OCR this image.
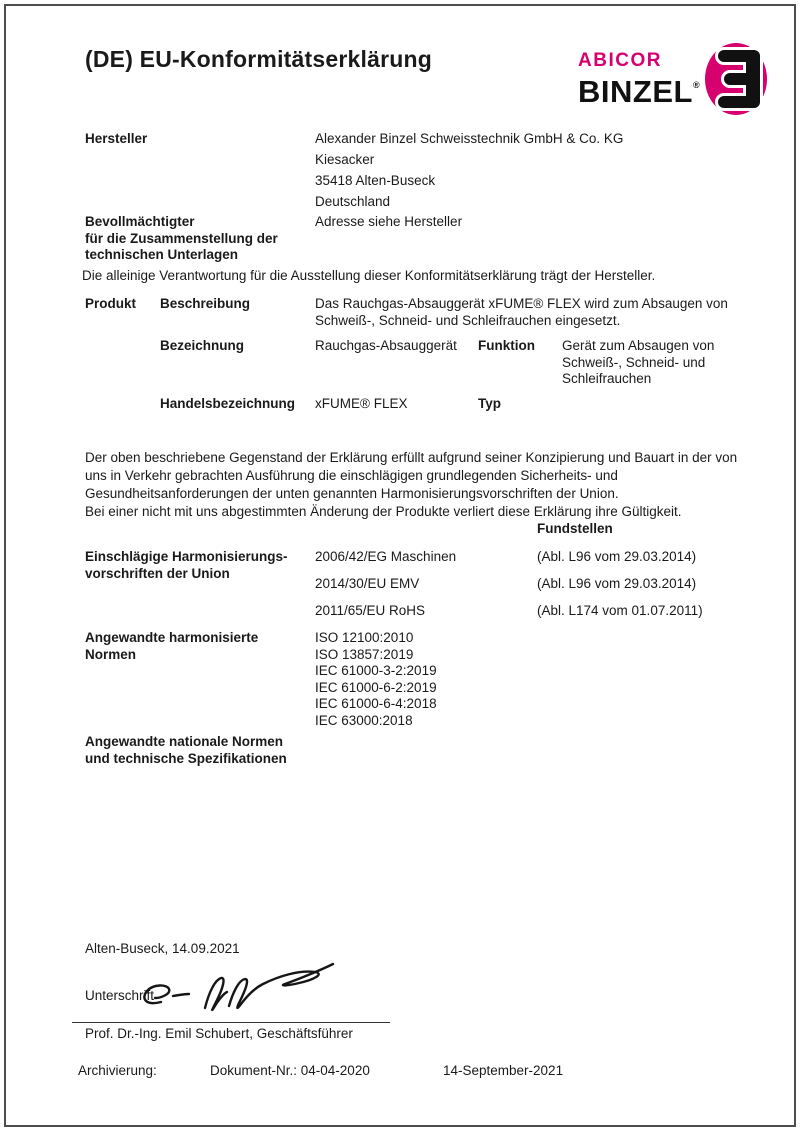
(DE) EU-Konformitätserklärung	ABICOR
BINZEL®
Hersteller	Alexander Binzel Schweisstechnik GmbH & Co. KG
Kiesacker
35418 Alten-Buseck
Deutschland
Bevollmächtigter
für die Zusammenstellung der
technischen Unterlagen
Adresse siehe Hersteller
Die alleinige Verantwortung für die Ausstellung dieser Konformitätserklärung trägt der Hersteller.
Produkt	Beschreibung	Das Rauchgas-Absauggerät xFUME® FLEX wird zum Absaugen von Schweiß-, Schneid- und Schleifrauchen eingesetzt.
Bezeichnung	Rauchgas-Absauggerät	Funktion	Gerät zum Absaugen von Schweiß-, Schneid- und Schleifrauchen
Handelsbezeichnung	xFUME® FLEX	Typ
Der oben beschriebene Gegenstand der Erklärung erfüllt aufgrund seiner Konzipierung und Bauart in der von
uns in Verkehr gebrachten Ausführung die einschlägigen grundlegenden Sicherheits- und
Gesundheitsanforderungen der unten genannten Harmonisierungsvorschriften der Union.
Bei einer nicht mit uns abgestimmten Änderung der Produkte verliert diese Erklärung ihre Gültigkeit.
Fundstellen
Einschlägige Harmonisierungs-
vorschriften der Union
2006/42/EG Maschinen	(Abl. L96 vom 29.03.2014)
2014/30/EU EMV	(Abl. L96 vom 29.03.2014)
2011/65/EU RoHS	(Abl. L174 vom 01.07.2011)
Angewandte harmonisierte
Normen
ISO 12100:2010
ISO 13857:2019
IEC 61000-3-2:2019
IEC 61000-6-2:2019
IEC 61000-6-4:2018
IEC 63000:2018
Angewandte nationale Normen
und technische Spezifikationen
Alten-Buseck, 14.09.2021
Unterschrift
Prof. Dr.-Ing. Emil Schubert, Geschäftsführer
Archivierung:	Dokument-Nr.: 04-04-2020	14-September-2021
